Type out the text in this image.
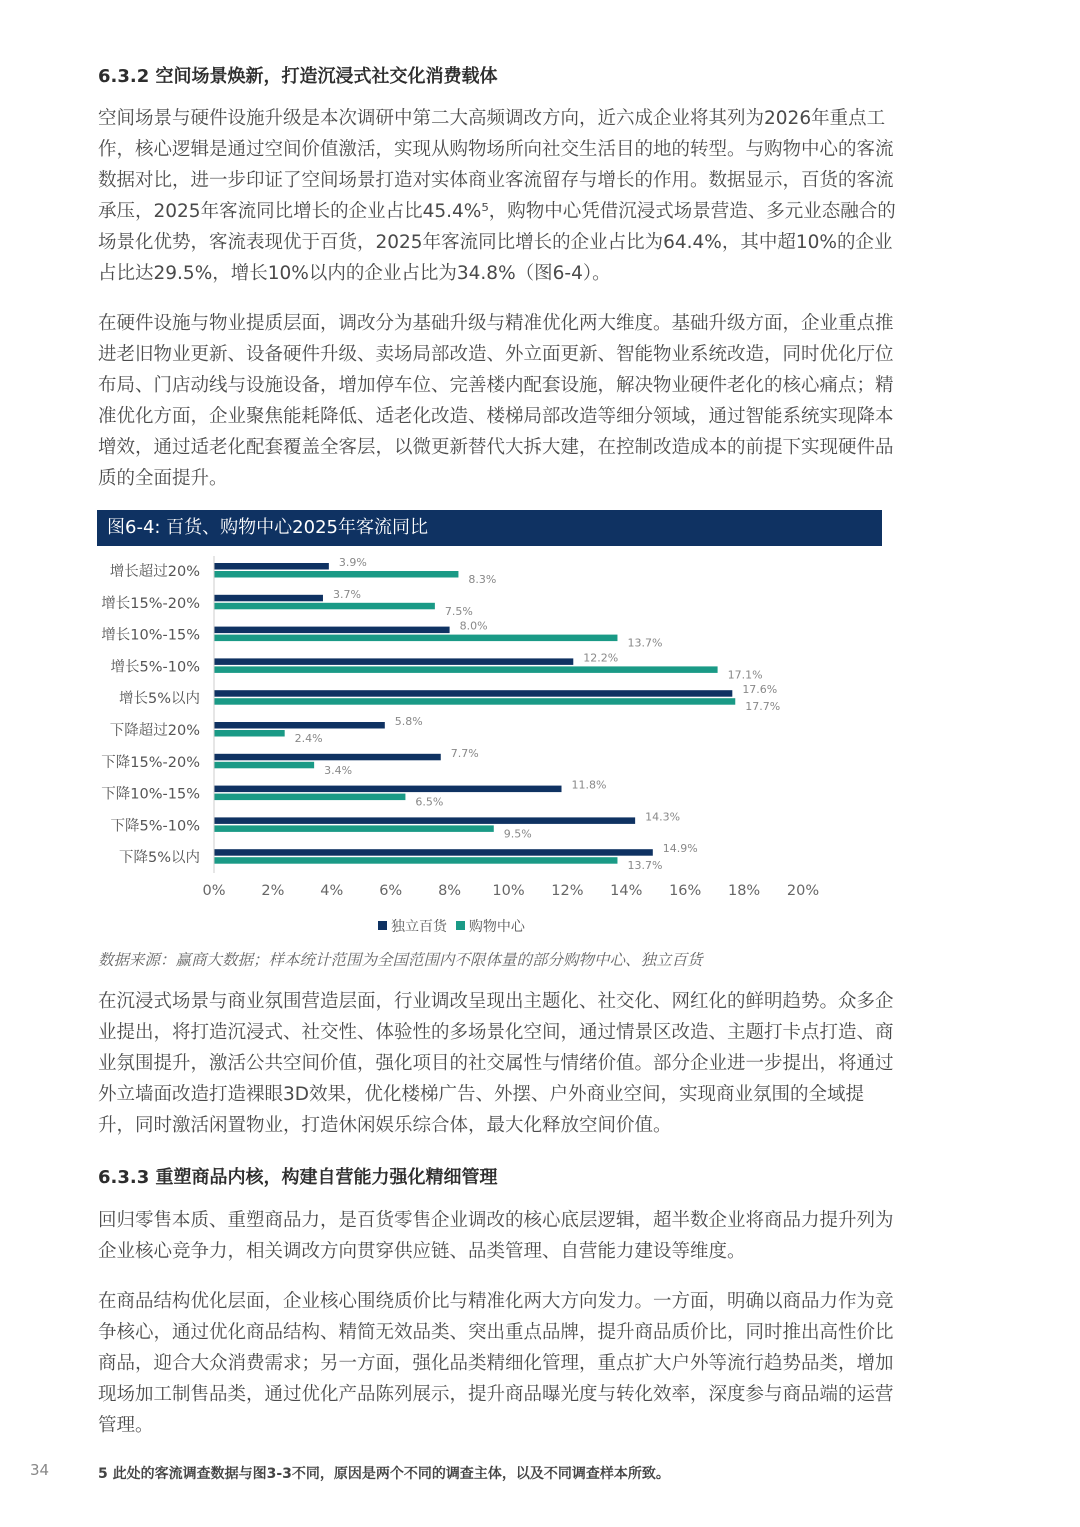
6.3.2 空间场景焕新，打造沉浸式社交化消费载体

空间场景与硬件设施升级是本次调研中第二大高频调改方向，近六成企业将其列为2026年重点工作，核心逻辑是通过空间价值激活，实现从购物场所向社交生活目的地的转型。与购物中心的客流数据对比，进一步印证了空间场景打造对实体商业客流留存与增长的作用。数据显示，百货的客流承压，2025年客流同比增长的企业占比45.4%⁵，购物中心凭借沉浸式场景营造、多元业态融合的场景化优势，客流表现优于百货，2025年客流同比增长的企业占比为64.4%，其中超10%的企业占比达29.5%，增长10%以内的企业占比为34.8%（图6-4）。

在硬件设施与物业提质层面，调改分为基础升级与精准优化两大维度。基础升级方面，企业重点推进老旧物业更新、设备硬件升级、卖场局部改造、外立面更新、智能物业系统改造，同时优化厅位布局、门店动线与设施设备，增加停车位、完善楼内配套设施，解决物业硬件老化的核心痛点；精准优化方面，企业聚焦能耗降低、适老化改造、楼梯局部改造等细分领域，通过智能系统实现降本增效，通过适老化配套覆盖全客层，以微更新替代大拆大建，在控制改造成本的前提下实现硬件品质的全面提升。

图6-4: 百货、购物中心2025年客流同比
增长超过20%
3.9%
8.3%
增长15%-20%
3.7%
7.5%
增长10%-15%
8.0%
13.7%
增长5%-10%
12.2%
17.1%
增长5%以内
17.6%
17.7%
下降超过20%
5.8%
2.4%
下降15%-20%
7.7%
3.4%
下降10%-15%
11.8%
6.5%
下降5%-10%
14.3%
9.5%
下降5%以内
14.9%
13.7%
0% 2% 4% 6% 8% 10% 12% 14% 16% 18% 20%
独立百货 购物中心

数据来源：赢商大数据；样本统计范围为全国范围内不限体量的部分购物中心、独立百货

在沉浸式场景与商业氛围营造层面，行业调改呈现出主题化、社交化、网红化的鲜明趋势。众多企业提出，将打造沉浸式、社交性、体验性的多场景化空间，通过情景区改造、主题打卡点打造、商业氛围提升，激活公共空间价值，强化项目的社交属性与情绪价值。部分企业进一步提出，将通过外立墙面改造打造裸眼3D效果，优化楼梯广告、外摆、户外商业空间，实现商业氛围的全域提升，同时激活闲置物业，打造休闲娱乐综合体，最大化释放空间价值。

6.3.3 重塑商品内核，构建自营能力强化精细管理

回归零售本质、重塑商品力，是百货零售企业调改的核心底层逻辑，超半数企业将商品力提升列为企业核心竞争力，相关调改方向贯穿供应链、品类管理、自营能力建设等维度。

在商品结构优化层面，企业核心围绕质价比与精准化两大方向发力。一方面，明确以商品力作为竞争核心，通过优化商品结构、精简无效品类、突出重点品牌，提升商品质价比，同时推出高性价比商品，迎合大众消费需求；另一方面，强化品类精细化管理，重点扩大户外等流行趋势品类，增加现场加工制售品类，通过优化产品陈列展示，提升商品曝光度与转化效率，深度参与商品端的运营管理。

34	5 此处的客流调查数据与图3-3不同，原因是两个不同的调查主体，以及不同调查样本所致。
